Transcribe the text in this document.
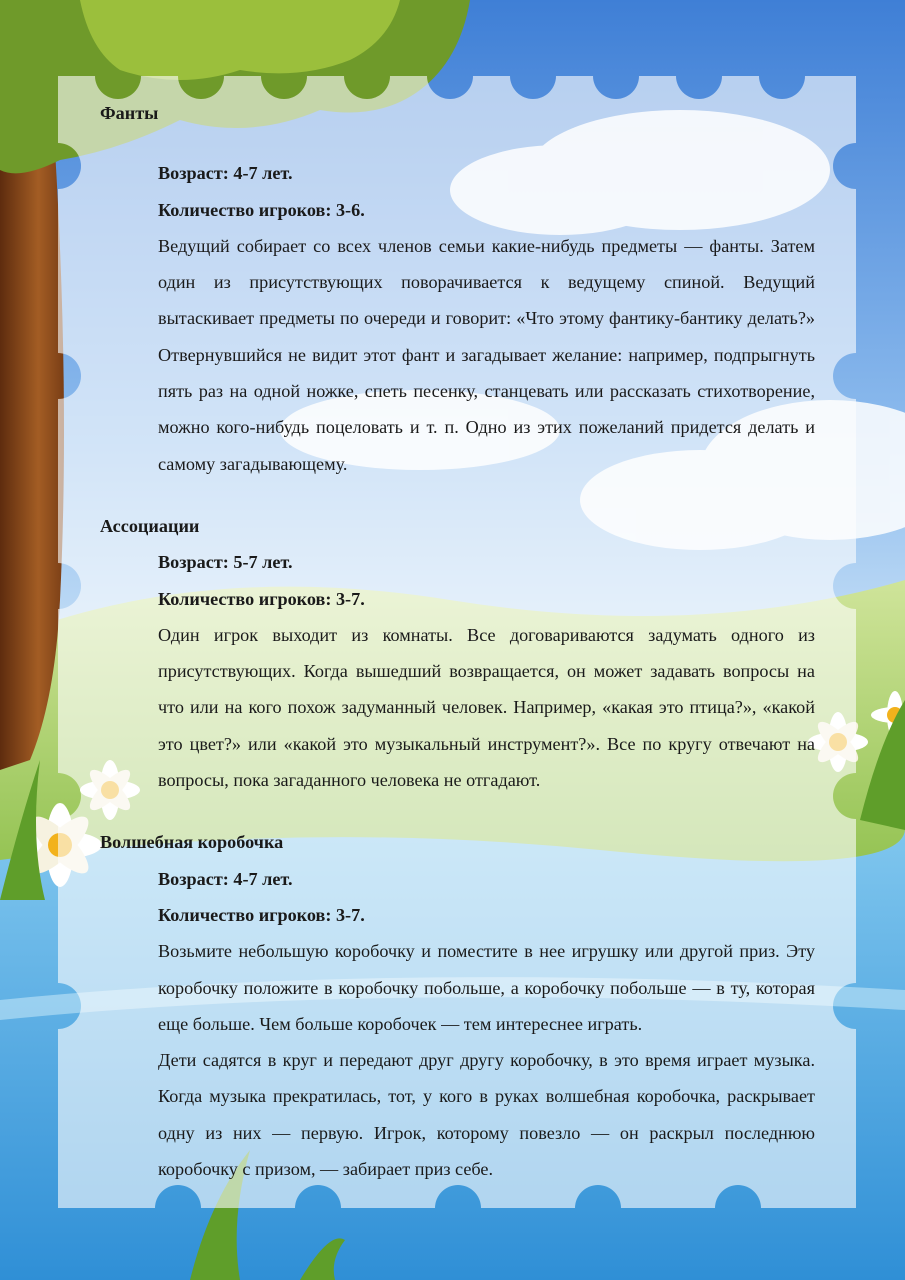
Фанты

Возраст: 4-7 лет.

Количество игроков: 3-6.

Ведущий собирает со всех членов семьи какие-нибудь предметы — фанты. Затем один из присутствующих поворачивается к ведущему спиной. Ведущий вытаскивает предметы по очереди и говорит: «Что этому фантику-бантику делать?» Отвернувшийся не видит этот фант и загадывает желание: например, подпрыгнуть пять раз на одной ножке, спеть песенку, станцевать или рассказать стихотворение, можно кого-нибудь поцеловать и т. п. Одно из этих пожеланий придется делать и самому загадывающему.

Ассоциации

Возраст: 5-7 лет.

Количество игроков: 3-7.

Один игрок выходит из комнаты. Все договариваются задумать одного из присутствующих. Когда вышедший возвращается, он может задавать вопросы на что или на кого похож задуманный человек. Например, «какая это птица?», «какой это цвет?» или «какой это музыкальный инструмент?». Все по кругу отвечают на вопросы, пока загаданного человека не отгадают.

Волшебная коробочка

Возраст: 4-7 лет.

Количество игроков: 3-7.

Возьмите небольшую коробочку и поместите в нее игрушку или другой приз. Эту коробочку положите в коробочку побольше, а коробочку побольше — в ту, которая еще больше. Чем больше коробочек — тем интереснее играть.

Дети садятся в круг и передают друг другу коробочку, в это время играет музыка. Когда музыка прекратилась, тот, у кого в руках волшебная коробочка, раскрывает одну из них — первую. Игрок, которому повезло — он раскрыл последнюю коробочку с призом, — забирает приз себе.
